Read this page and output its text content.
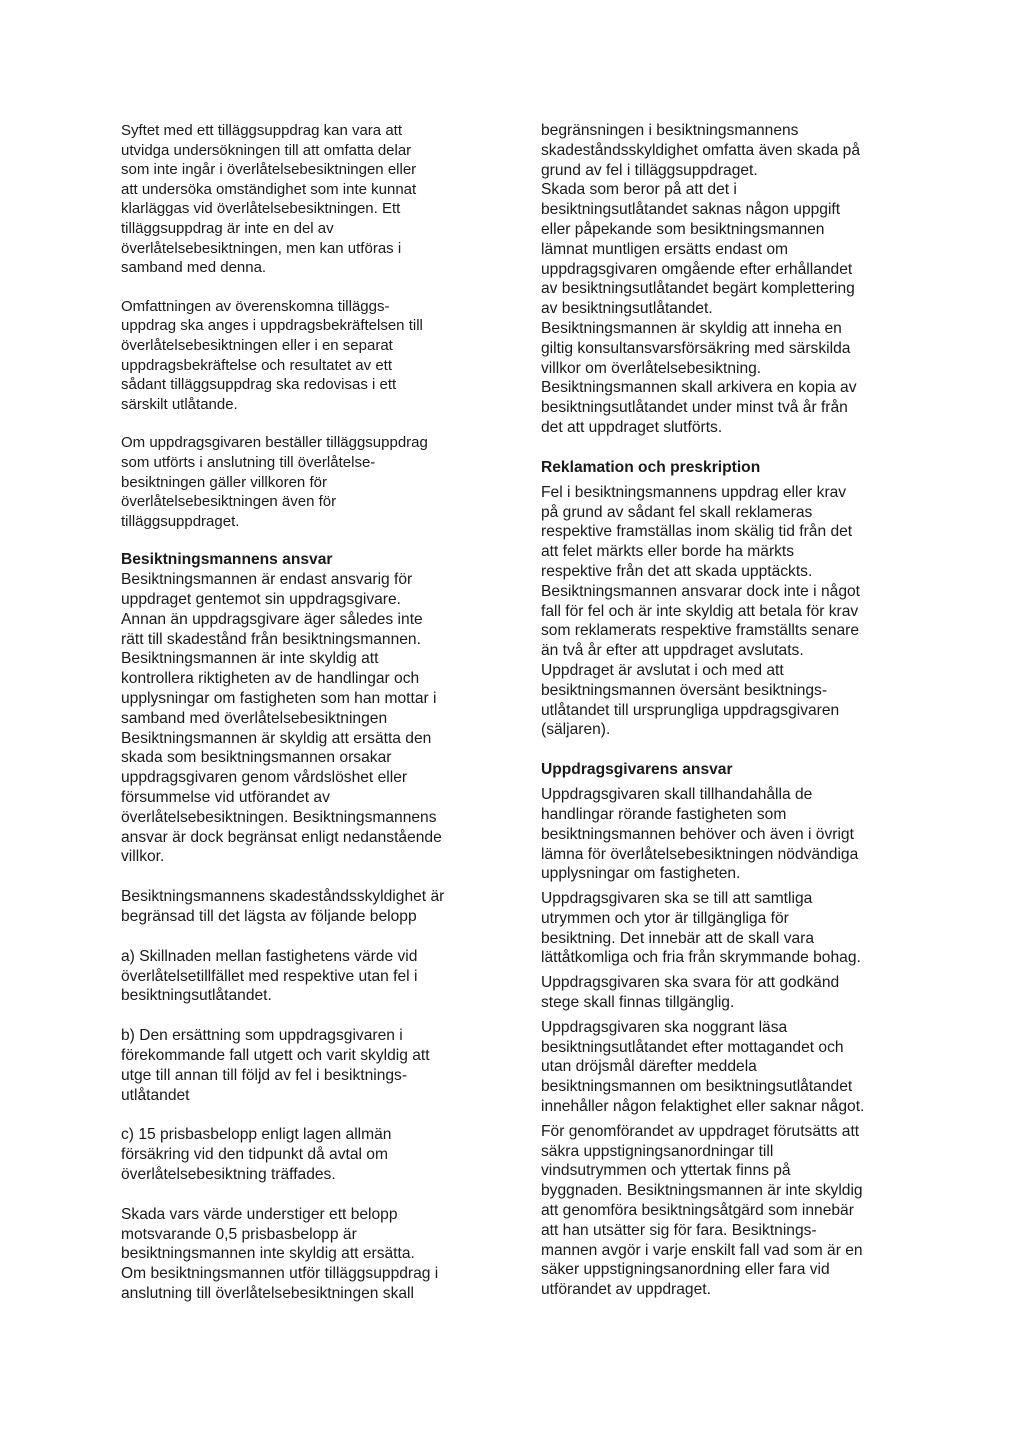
Syftet med ett tilläggsuppdrag kan vara att
utvidga undersökningen till att omfatta delar
som inte ingår i överlåtelsebesiktningen eller
att undersöka omständighet som inte kunnat
klarläggas vid överlåtelsebesiktningen. Ett
tilläggsuppdrag är inte en del av
överlåtelsebesiktningen, men kan utföras i
samband med denna.

Omfattningen av överenskomna tilläggs-
uppdrag ska anges i uppdragsbekräftelsen till
överlåtelsebesiktningen eller i en separat
uppdragsbekräftelse och resultatet av ett
sådant tilläggsuppdrag ska redovisas i ett
särskilt utlåtande.

Om uppdragsgivaren beställer tilläggsuppdrag
som utförts i anslutning till överlåtelse-
besiktningen gäller villkoren för
överlåtelsebesiktningen även för
tilläggsuppdraget.

Besiktningsmannens ansvar

Besiktningsmannen är endast ansvarig för
uppdraget gentemot sin uppdragsgivare.
Annan än uppdragsgivare äger således inte
rätt till skadestånd från besiktningsmannen.
Besiktningsmannen är inte skyldig att
kontrollera riktigheten av de handlingar och
upplysningar om fastigheten som han mottar i
samband med överlåtelsebesiktningen
Besiktningsmannen är skyldig att ersätta den
skada som besiktningsmannen orsakar
uppdragsgivaren genom vårdslöshet eller
försummelse vid utförandet av
överlåtelsebesiktningen. Besiktningsmannens
ansvar är dock begränsat enligt nedanstående
villkor.

Besiktningsmannens skadeståndsskyldighet är
begränsad till det lägsta av följande belopp

a) Skillnaden mellan fastighetens värde vid
överlåtelsetillfället med respektive utan fel i
besiktningsutlåtandet.

b) Den ersättning som uppdragsgivaren i
förekommande fall utgett och varit skyldig att
utge till annan till följd av fel i besiktnings-
utlåtandet

c) 15 prisbasbelopp enligt lagen allmän
försäkring vid den tidpunkt då avtal om
överlåtelsebesiktning träffades.

Skada vars värde understiger ett belopp
motsvarande 0,5 prisbasbelopp är
besiktningsmannen inte skyldig att ersätta.
Om besiktningsmannen utför tilläggsuppdrag i
anslutning till överlåtelsebesiktningen skall

begränsningen i besiktningsmannens
skadeståndsskyldighet omfatta även skada på
grund av fel i tilläggsuppdraget.
Skada som beror på att det i
besiktningsutlåtandet saknas någon uppgift
eller påpekande som besiktningsmannen
lämnat muntligen ersätts endast om
uppdragsgivaren omgående efter erhållandet
av besiktningsutlåtandet begärt komplettering
av besiktningsutlåtandet.
Besiktningsmannen är skyldig att inneha en
giltig konsultansvarsförsäkring med särskilda
villkor om överlåtelsebesiktning.
Besiktningsmannen skall arkivera en kopia av
besiktningsutlåtandet under minst två år från
det att uppdraget slutförts.

Reklamation och preskription

Fel i besiktningsmannens uppdrag eller krav
på grund av sådant fel skall reklameras
respektive framställas inom skälig tid från det
att felet märkts eller borde ha märkts
respektive från det att skada upptäckts.
Besiktningsmannen ansvarar dock inte i något
fall för fel och är inte skyldig att betala för krav
som reklamerats respektive framställts senare
än två år efter att uppdraget avslutats.
Uppdraget är avslutat i och med att
besiktningsmannen översänt besiktnings-
utlåtandet till ursprungliga uppdragsgivaren
(säljaren).

Uppdragsgivarens ansvar

Uppdragsgivaren skall tillhandahålla de
handlingar rörande fastigheten som
besiktningsmannen behöver och även i övrigt
lämna för överlåtelsebesiktningen nödvändiga
upplysningar om fastigheten.

Uppdragsgivaren ska se till att samtliga
utrymmen och ytor är tillgängliga för
besiktning. Det innebär att de skall vara
lättåtkomliga och fria från skrymmande bohag.

Uppdragsgivaren ska svara för att godkänd
stege skall finnas tillgänglig.

Uppdragsgivaren ska noggrant läsa
besiktningsutlåtandet efter mottagandet och
utan dröjsmål därefter meddela
besiktningsmannen om besiktningsutlåtandet
innehåller någon felaktighet eller saknar något.

För genomförandet av uppdraget förutsätts att
säkra uppstigningsanordningar till
vindsutrymmen och yttertak finns på
byggnaden. Besiktningsmannen är inte skyldig
att genomföra besiktningsåtgärd som innebär
att han utsätter sig för fara. Besiktnings-
mannen avgör i varje enskilt fall vad som är en
säker uppstigningsanordning eller fara vid
utförandet av uppdraget.
